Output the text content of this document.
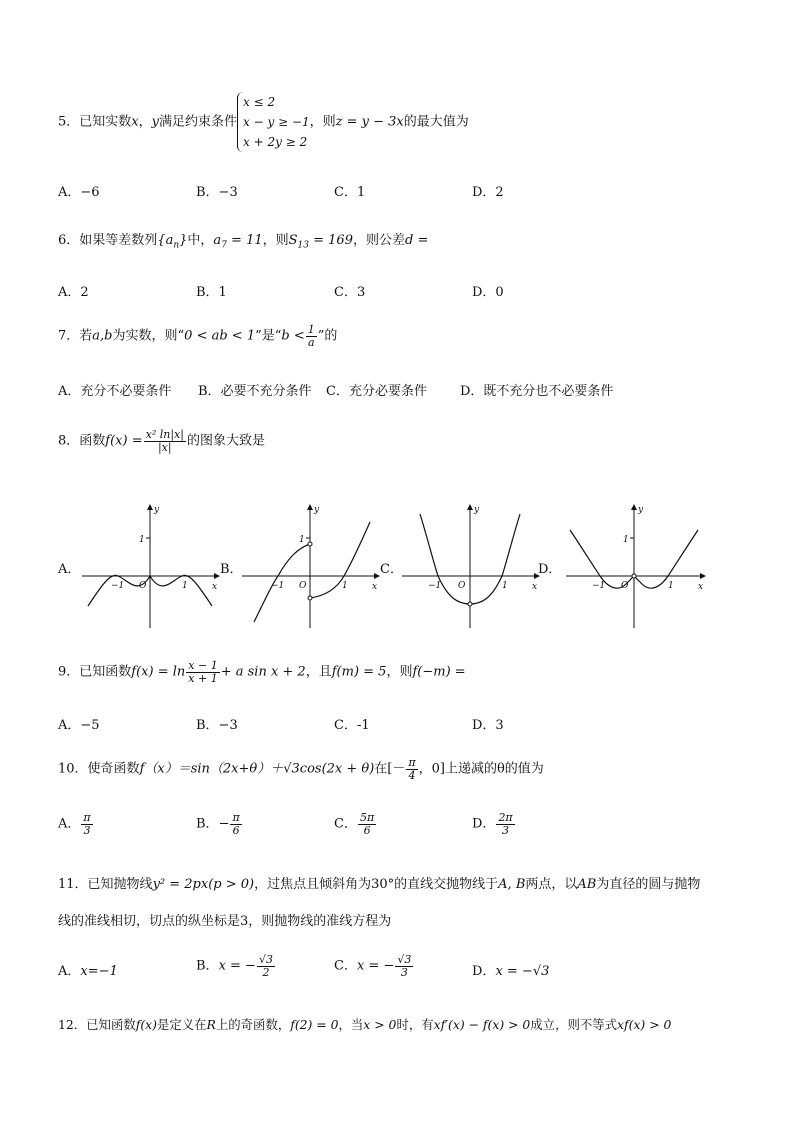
5．已知实数x，y满足约束条件x ≤ 2
x − y ≥ −1
x + 2y ≥ 2，则z = y − 3x的最大值为
A．−6	B．−3	C．1	D．2
6．如果等差数列$\{a_n\}$中，$a_7 = 11$，则$S_{13} = 169$，则公差d =
A．2	B．1	C．3	D．0
7．若a,b为实数，则“0 < ab < 1”是“$b < \frac{1}{a}$ ”的
A．充分不必要条件 B．必要不充分条件 C．充分必要条件	D．既不充分也不必要条件
8．函数$f(x) = \frac{\text{x² ln|x|}}{|x|}$ 的图象大致是
A．	B．	C．	D．
y
x
O
1
−1	1
y
x
O
1
−1	1
y
x
O
−1	1
y
x
O
1
−1	1
9．已知函数$f(x) = \ln \frac{x - 1}{x + 1} + a$ sin x + 2，且f(m) = 5，则f(−m) =
A．−5	B．−3	C．-1	D．3
10．使奇函数f（x）＝sin（2x+θ）＋√3cos(2x + θ)在[－ $\frac{\pi}{4}$ ，0]上递减的θ的值为
A． $\frac{\pi}{3}$	B．− $\frac{\pi}{6}$	C． $\frac{5\pi}{6}$	D． $\frac{2\pi}{3}$
11．已知抛物线y² = 2px(p > 0)，过焦点且倾斜角为30°的直线交抛物线于A, B两点，以AB为直径的圆与抛物
线的准线相切，切点的纵坐标是3，则抛物线的准线方程为
A．x=−1	B．x = − $\frac{√3}{2}$	C．x = − $\frac{√3}{3}$	D．x = −√3
12．已知函数f(x)是定义在R上的奇函数，f(2) = 0，当x > 0时，有xf′(x) − f(x) > 0成立，则不等式xf(x) > 0
